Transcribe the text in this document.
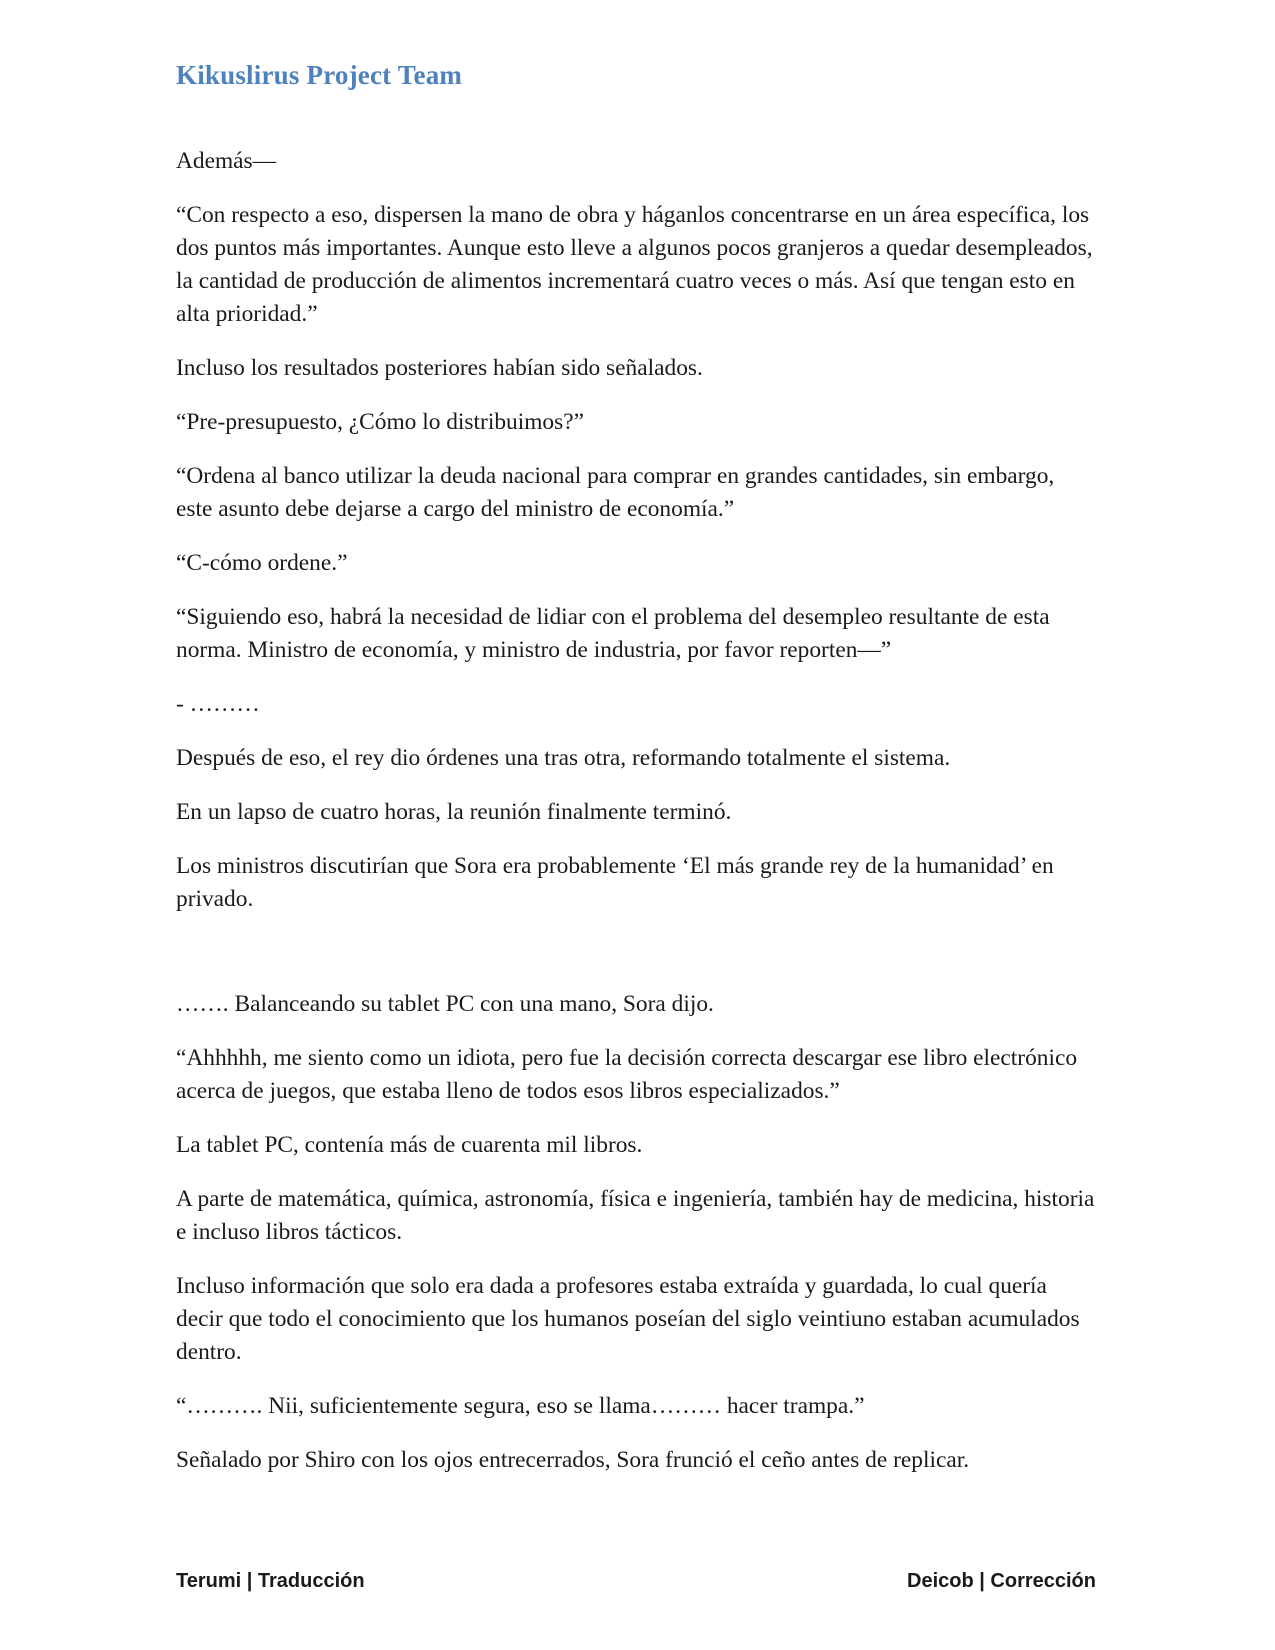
Kikuslirus Project Team

Además—

“Con respecto a eso, dispersen la mano de obra y háganlos concentrarse en un área específica, los dos puntos más importantes. Aunque esto lleve a algunos pocos granjeros a quedar desempleados, la cantidad de producción de alimentos incrementará cuatro veces o más. Así que tengan esto en alta prioridad.”

Incluso los resultados posteriores habían sido señalados.

“Pre-presupuesto, ¿Cómo lo distribuimos?”

“Ordena al banco utilizar la deuda nacional para comprar en grandes cantidades, sin embargo, este asunto debe dejarse a cargo del ministro de economía.”

“C-cómo ordene.”

“Siguiendo eso, habrá la necesidad de lidiar con el problema del desempleo resultante de esta norma. Ministro de economía, y ministro de industria, por favor reporten—”

- ………

Después de eso, el rey dio órdenes una tras otra, reformando totalmente el sistema.

En un lapso de cuatro horas, la reunión finalmente terminó.

Los ministros discutirían que Sora era probablemente ‘El más grande rey de la humanidad’ en privado.

……. Balanceando su tablet PC con una mano, Sora dijo.

“Ahhhhh, me siento como un idiota, pero fue la decisión correcta descargar ese libro electrónico acerca de juegos, que estaba lleno de todos esos libros especializados.”

La tablet PC, contenía más de cuarenta mil libros.

A parte de matemática, química, astronomía, física e ingeniería, también hay de medicina, historia e incluso libros tácticos.

Incluso información que solo era dada a profesores estaba extraída y guardada, lo cual quería decir que todo el conocimiento que los humanos poseían del siglo veintiuno estaban acumulados dentro.

“………. Nii, suficientemente segura, eso se llama……… hacer trampa.”

Señalado por Shiro con los ojos entrecerrados, Sora frunció el ceño antes de replicar.

Terumi | Traducción	Deicob | Corrección
